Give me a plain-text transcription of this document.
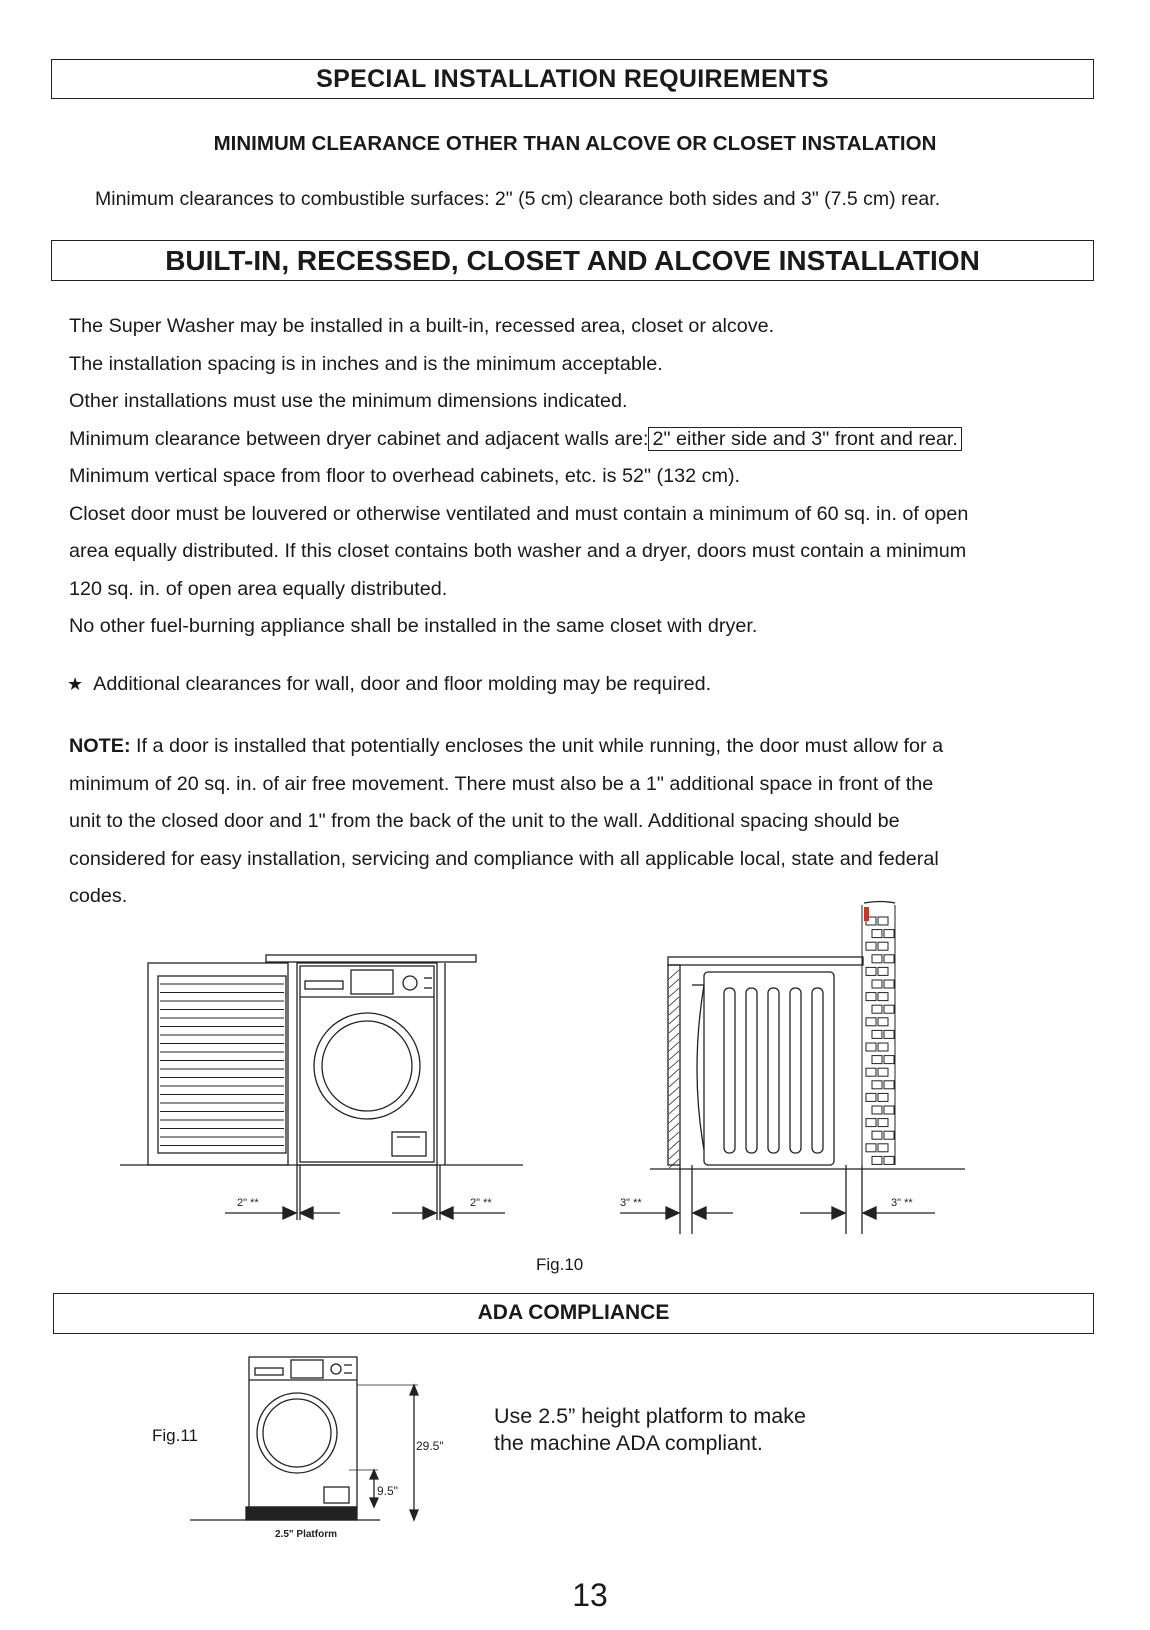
SPECIAL INSTALLATION REQUIREMENTS
MINIMUM CLEARANCE OTHER THAN ALCOVE OR CLOSET INSTALATION
Minimum clearances to combustible surfaces: 2" (5 cm) clearance both sides and 3" (7.5 cm) rear.
BUILT-IN, RECESSED, CLOSET AND ALCOVE INSTALLATION
The Super Washer may be installed in a built-in, recessed area, closet or alcove.
The installation spacing is in inches and is the minimum acceptable.
Other installations must use the minimum dimensions indicated.
Minimum clearance between dryer cabinet and adjacent walls are: 2" either side and 3" front and rear.
Minimum vertical space from floor to overhead cabinets, etc. is 52" (132 cm).
Closet door must be louvered or otherwise ventilated and must contain a minimum of 60 sq. in. of open
area equally distributed. If this closet contains both washer and a dryer, doors must contain a minimum
120 sq. in. of open area equally distributed.
No other fuel-burning appliance shall be installed in the same closet with dryer.
★ Additional clearances for wall, door and floor molding may be required.
NOTE: If a door is installed that potentially encloses the unit while running, the door must allow for a
minimum of 20 sq. in. of air free movement. There must also be a 1" additional space in front of the
unit to the closed door and 1" from the back of the unit to the wall. Additional spacing should be
considered for easy installation, servicing and compliance with all applicable local, state and federal
codes.
2" **	2" **	3" **	3" **
29.5"
9.5"
2.5" Platform
Fig.10
ADA COMPLIANCE
Fig.11
Use 2.5” height platform to make
the machine ADA compliant.
13
